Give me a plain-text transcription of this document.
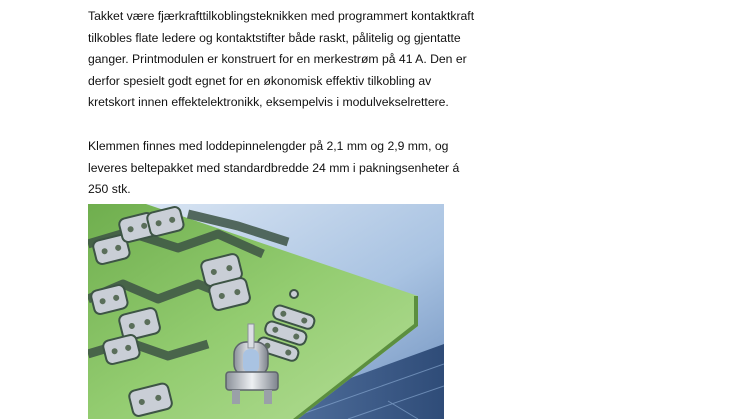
Takket være fjærkrafttilkoblingsteknikken med programmert kontaktkraft
tilkobles flate ledere og kontaktstifter både raskt, pålitelig og gjentatte
ganger. Printmodulen er konstruert for en merkestrøm på 41 A. Den er
derfor spesielt godt egnet for en økonomisk effektiv tilkobling av
kretskort innen effektelektronikk, eksempelvis i modulvekselrettere.

Klemmen finnes med loddepinnelengder på 2,1 mm og 2,9 mm, og
leveres beltepakket med standardbredde 24 mm i pakningsenheter á
250 stk.
